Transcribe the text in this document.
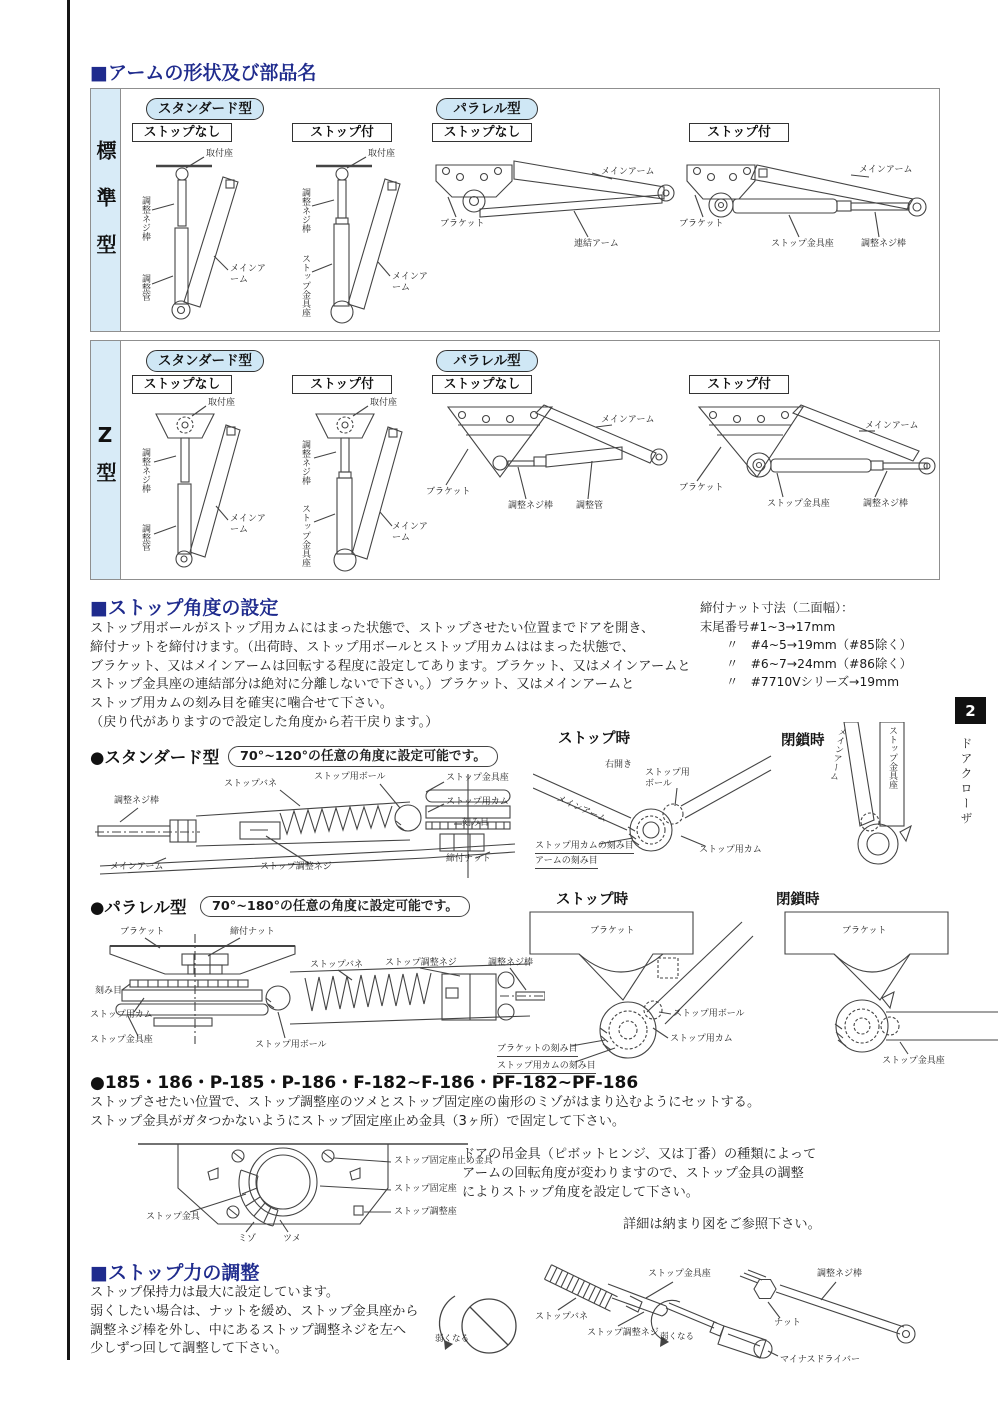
■アームの形状及び部品名
標準型
スタンダード型	パラレル型
ストップなし	ストップ付	ストップなし	ストップ付
取付座
調整ネジ棒
調整管
メインアーム
取付座
調整ネジ棒
ストップ金具座	メインアーム
ブラケット
メインアーム
連結アーム
ブラケット
メインアーム
ストップ金具座	調整ネジ棒
Z型
スタンダード型	パラレル型
ストップなし	ストップ付	ストップなし	ストップ付
取付座
調整ネジ棒
調整管
メインアーム
取付座
調整ネジ棒
ストップ金具座	メインアーム
ブラケット
調整ネジ棒	調整管
メインアーム
ブラケット
ストップ金具座	調整ネジ棒
メインアーム
■ストップ角度の設定
ストップ用ボールがストップ用カムにはまった状態で、ストップさせたい位置までドアを開き、
締付ナットを締付けます。（出荷時、ストップ用ボールとストップ用カムははまった状態で、
ブラケット、又はメインアームは回転する程度に設定してあります。ブラケット、又はメインアームと
ストップ金具座の連結部分は絶対に分離しないで下さい。）ブラケット、又はメインアームと
ストップ用カムの刻み目を確実に噛合せて下さい。
（戻り代がありますので設定した角度から若干戻ります。）
締付ナット寸法（二面幅）：
末尾番号#1~3→17mm
〃　#4~5→19mm（#85除く）
〃　#6~7→24mm（#86除く）
〃　#7710Vシリーズ→19mm
2
ドアクローザ
●スタンダード型	70°~120°の任意の角度に設定可能です。
調整ネジ棒
ストップバネ
ストップ用ボール	ストップ金具座
ストップ用カム
刻み目
締付ナット
メインアーム	ストップ調整ネジ
ストップ時	閉鎖時
右開き
メインアーム
ストップ用ボール
ストップ用カム
ストップ用カムの刻み目
アームの刻み目
メインアーム	ストップ金具座
●パラレル型	70°~180°の任意の角度に設定可能です。
ブラケット	締付ナット
刻み目
ストップ用カム
ストップ金具座	ストップ用ボール
ストップバネ ストップ調整ネジ	調整ネジ棒
ストップ時	閉鎖時
ブラケット
ストップ用ボール
ストップ用カム
ブラケットの刻み目
ストップ用カムの刻み目
ブラケット
ストップ金具座
●185・186・P-185・P-186・F-182~F-186・PF-182~PF-186
ストップさせたい位置で、ストップ調整座のツメとストップ固定座の歯形のミゾがはまり込むようにセットする。
ストップ金具がガタつかないようにストップ固定座止め金具（3ヶ所）で固定して下さい。
ストップ固定座止め金具
ストップ固定座
ストップ調整座
ストップ金具
ミゾ	ツメ
ドアの吊金具（ピボットヒンジ、又は丁番）の種類によって
アームの回転角度が変わりますので、ストップ金具の調整
によりストップ角度を設定して下さい。
詳細は納まり図をご参照下さい。
■ストップ力の調整
ストップ保持力は最大に設定しています。
弱くしたい場合は、ナットを緩め、ストップ金具座から
調整ネジ棒を外し、中にあるストップ調整ネジを左へ
少しずつ回して調整して下さい。
弱くなる
ストップ金具座
ストップバネ
ストップ調整ネジ 弱くなる
マイナスドライバー
ナット
調整ネジ棒
